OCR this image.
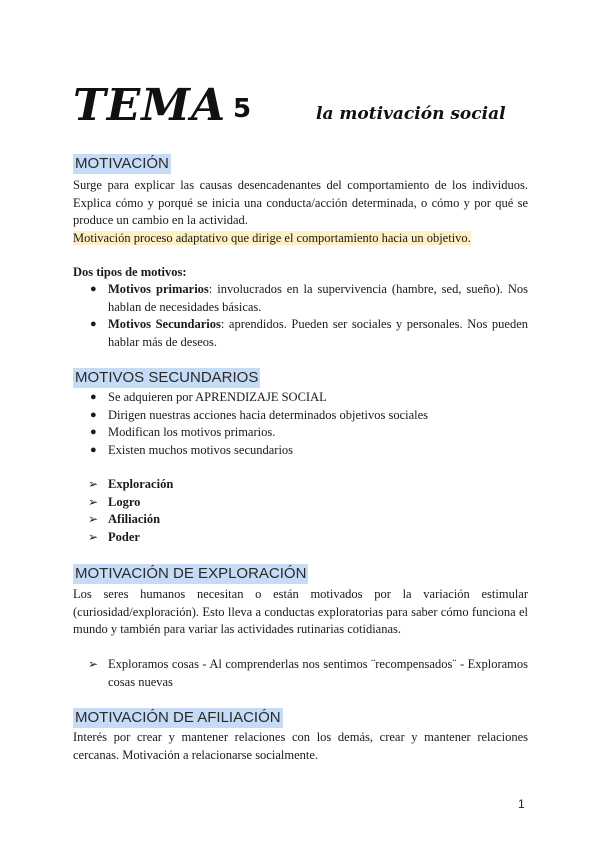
TEMA 5	la motivación social
MOTIVACIÓN

Surge para explicar las causas desencadenantes del comportamiento de los individuos. Explica cómo y porqué se inicia una conducta/acción determinada, o cómo y por qué se produce un cambio en la actividad.

Motivación proceso adaptativo que dirige el comportamiento hacia un objetivo.

Dos tipos de motivos:

● Motivos primarios: involucrados en la supervivencia (hambre, sed, sueño). Nos hablan de necesidades básicas.
● Motivos Secundarios: aprendidos. Pueden ser sociales y personales. Nos pueden hablar más de deseos.
MOTIVOS SECUNDARIOS
● Se adquieren por APRENDIZAJE SOCIAL
● Dirigen nuestras acciones hacia determinados objetivos sociales
● Modifican los motivos primarios.
● Existen muchos motivos secundarios
➢ Exploración
➢ Logro
➢ Afiliación
➢ Poder
MOTIVACIÓN DE EXPLORACIÓN

Los seres humanos necesitan o están motivados por la variación estimular (curiosidad/exploración). Esto lleva a conductas exploratorias para saber cómo funciona el mundo y también para variar las actividades rutinarias cotidianas.

➢ Exploramos cosas - Al comprenderlas nos sentimos ¨recompensados¨ - Exploramos cosas nuevas
MOTIVACIÓN DE AFILIACIÓN

Interés por crear y mantener relaciones con los demás, crear y mantener relaciones cercanas. Motivación a relacionarse socialmente.

1
